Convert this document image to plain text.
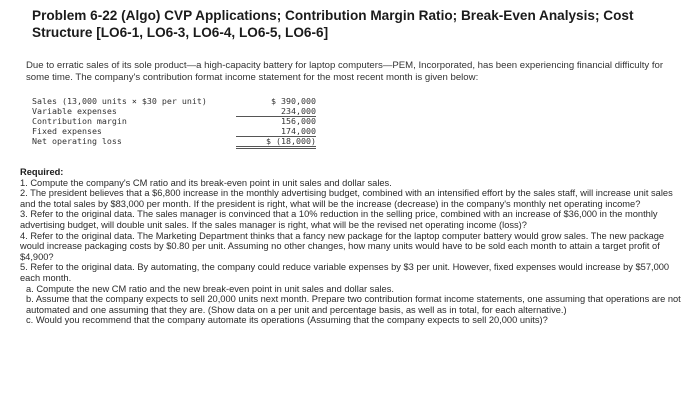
Problem 6-22 (Algo) CVP Applications; Contribution Margin Ratio; Break-Even Analysis; Cost Structure [LO6-1, LO6-3, LO6-4, LO6-5, LO6-6]
Due to erratic sales of its sole product—a high-capacity battery for laptop computers—PEM, Incorporated, has been experiencing financial difficulty for some time. The company's contribution format income statement for the most recent month is given below:
Sales (13,000 units × $30 per unit)	$ 390,000
Variable expenses	234,000
Contribution margin	156,000
Fixed expenses	174,000
Net operating loss	$ (18,000)
Required:

1. Compute the company's CM ratio and its break-even point in unit sales and dollar sales.

2. The president believes that a $6,800 increase in the monthly advertising budget, combined with an intensified effort by the sales staff, will increase unit sales and the total sales by $83,000 per month. If the president is right, what will be the increase (decrease) in the company's monthly net operating income?

3. Refer to the original data. The sales manager is convinced that a 10% reduction in the selling price, combined with an increase of $36,000 in the monthly advertising budget, will double unit sales. If the sales manager is right, what will be the revised net operating income (loss)?

4. Refer to the original data. The Marketing Department thinks that a fancy new package for the laptop computer battery would grow sales. The new package would increase packaging costs by $0.80 per unit. Assuming no other changes, how many units would have to be sold each month to attain a target profit of $4,900?

5. Refer to the original data. By automating, the company could reduce variable expenses by $3 per unit. However, fixed expenses would increase by $57,000 each month.

a. Compute the new CM ratio and the new break-even point in unit sales and dollar sales.

b. Assume that the company expects to sell 20,000 units next month. Prepare two contribution format income statements, one assuming that operations are not automated and one assuming that they are. (Show data on a per unit and percentage basis, as well as in total, for each alternative.)

c. Would you recommend that the company automate its operations (Assuming that the company expects to sell 20,000 units)?
